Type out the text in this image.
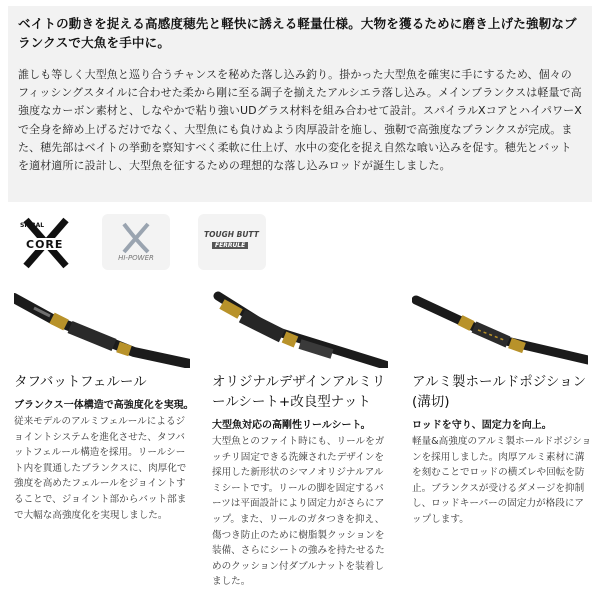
ベイトの動きを捉える高感度穂先と軽快に誘える軽量仕様。大物を獲るために磨き上げた強靭なブランクスで大魚を手中に。
誰しも等しく大型魚と巡り合うチャンスを秘めた落し込み釣り。掛かった大型魚を確実に手にするため、個々のフィッシングスタイルに合わせた柔から剛に至る調子を揃えたアルシエラ落し込み。メインブランクスは軽量で高強度なカーボン素材と、しなやかで粘り強いUDグラス材料を組み合わせて設計。スパイラルXコアとハイパワーXで全身を締め上げるだけでなく、大型魚にも負けぬよう肉厚設計を施し、強靭で高強度なブランクスが完成。また、穂先部はベイトの挙動を察知すべく柔軟に仕上げ、水中の変化を捉え自然な喰い込みを促す。穂先とバットを適材適所に設計し、大型魚を征するための理想的な落し込みロッドが誕生しました。
SPIRAL
CORE
HI-POWER
TOUGH BUTT
FERRULE
タフバットフェルール
ブランクス一体構造で高強度化を実現。
従来モデルのアルミフェルールによるジョイントシステムを進化させた、タフバットフェルール構造を採用。リールシート内を貫通したブランクスに、肉厚化で強度を高めたフェルールをジョイントすることで、ジョイント部からバット部まで大幅な高強度化を実現しました。
オリジナルデザインアルミリールシート+改良型ナット
大型魚対応の高剛性リールシート。
大型魚とのファイト時にも、リールをガッチリ固定できる洗練されたデザインを採用した新形状のシマノオリジナルアルミシートです。リールの脚を固定するパーツは平面設計により固定力がさらにアップ。また、リールのガタつきを抑え、傷つき防止のために樹脂製クッションを装備、さらにシートの強みを持たせるためのクッション付ダブルナットを装着しました。
アルミ製ホールドポジション(溝切)
ロッドを守り、固定力を向上。
軽量&高強度のアルミ製ホールドポジションを採用しました。肉厚アルミ素材に溝を刻むことでロッドの横ズレや回転を防止。ブランクスが受けるダメージを抑制し、ロッドキーパーの固定力が格段にアップします。
